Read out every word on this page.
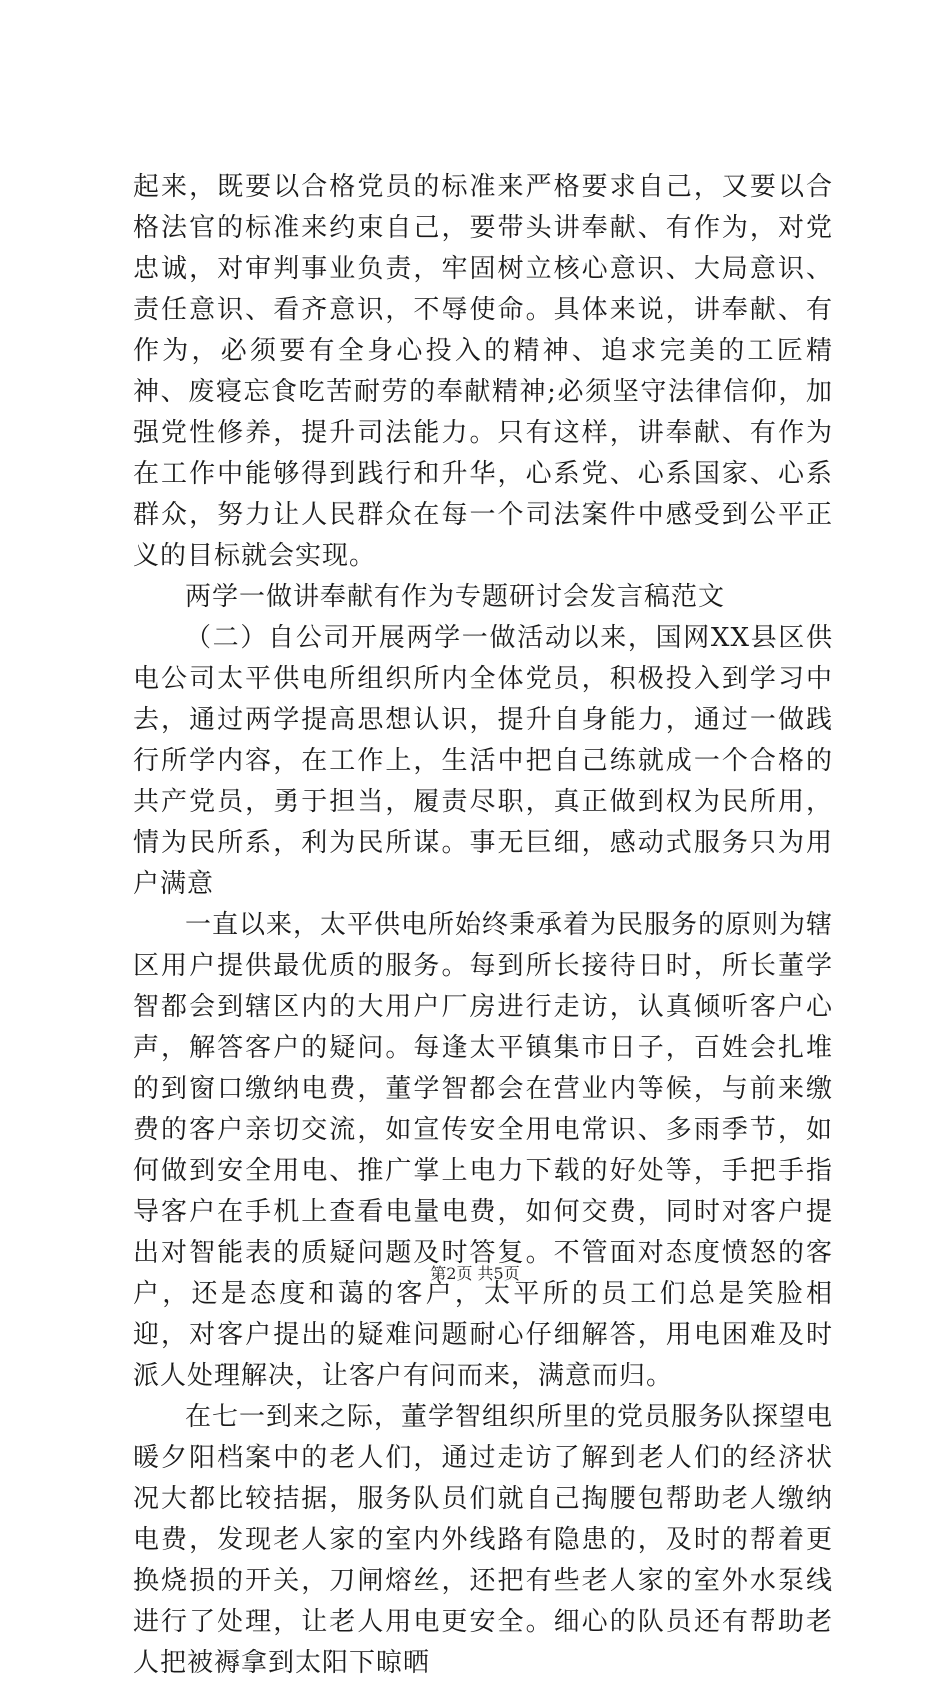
起来，既要以合格党员的标准来严格要求自己，又要以合格法官的标准来约束自己，要带头讲奉献、有作为，对党忠诚，对审判事业负责，牢固树立核心意识、大局意识、责任意识、看齐意识，不辱使命。具体来说，讲奉献、有作为，必须要有全身心投入的精神、追求完美的工匠精神、废寝忘食吃苦耐劳的奉献精神;必须坚守法律信仰，加强党性修养，提升司法能力。只有这样，讲奉献、有作为在工作中能够得到践行和升华，心系党、心系国家、心系群众，努力让人民群众在每一个司法案件中感受到公平正义的目标就会实现。

两学一做讲奉献有作为专题研讨会发言稿范文

（二）自公司开展两学一做活动以来，国网XX县区供电公司太平供电所组织所内全体党员，积极投入到学习中去，通过两学提高思想认识，提升自身能力，通过一做践行所学内容，在工作上，生活中把自己练就成一个合格的共产党员，勇于担当，履责尽职，真正做到权为民所用，情为民所系，利为民所谋。事无巨细，感动式服务只为用户满意

一直以来，太平供电所始终秉承着为民服务的原则为辖区用户提供最优质的服务。每到所长接待日时，所长董学智都会到辖区内的大用户厂房进行走访，认真倾听客户心声，解答客户的疑问。每逢太平镇集市日子，百姓会扎堆的到窗口缴纳电费，董学智都会在营业内等候，与前来缴费的客户亲切交流，如宣传安全用电常识、多雨季节，如何做到安全用电、推广掌上电力下载的好处等，手把手指导客户在手机上查看电量电费，如何交费，同时对客户提出对智能表的质疑问题及时答复。不管面对态度愤怒的客户，还是态度和蔼的客户，太平所的员工们总是笑脸相迎，对客户提出的疑难问题耐心仔细解答，用电困难及时派人处理解决，让客户有问而来，满意而归。

在七一到来之际，董学智组织所里的党员服务队探望电暖夕阳档案中的老人们，通过走访了解到老人们的经济状况大都比较拮据，服务队员们就自己掏腰包帮助老人缴纳电费，发现老人家的室内外线路有隐患的，及时的帮着更换烧损的开关，刀闸熔丝，还把有些老人家的室外水泵线进行了处理，让老人用电更安全。细心的队员还有帮助老人把被褥拿到太阳下晾晒

第2页 共5页
